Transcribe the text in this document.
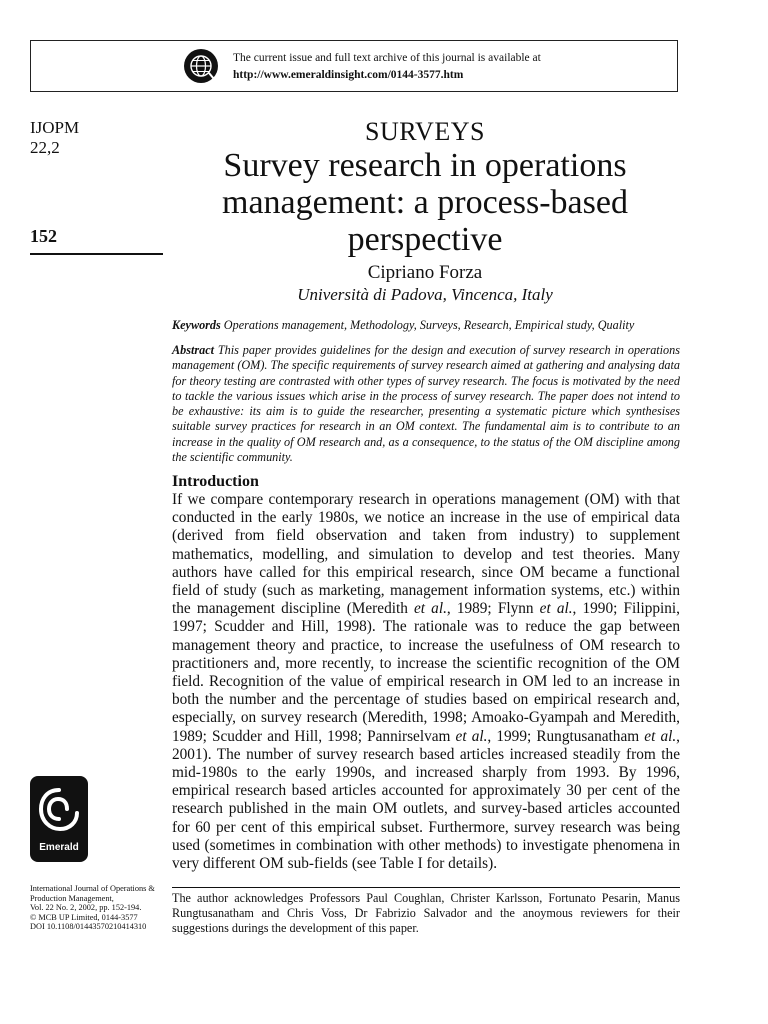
The current issue and full text archive of this journal is available at
http://www.emeraldinsight.com/0144-3577.htm
IJOPM
22,2
152
SURVEYS
Survey research in operations
management: a process-based
perspective
Cipriano Forza
Università di Padova, Vincenca, Italy
Keywords Operations management, Methodology, Surveys, Research, Empirical study, Quality

Abstract This paper provides guidelines for the design and execution of survey research in operations management (OM). The specific requirements of survey research aimed at gathering and analysing data for theory testing are contrasted with other types of survey research. The focus is motivated by the need to tackle the various issues which arise in the process of survey research. The paper does not intend to be exhaustive: its aim is to guide the researcher, presenting a systematic picture which synthesises suitable survey practices for research in an OM context. The fundamental aim is to contribute to an increase in the quality of OM research and, as a consequence, to the status of the OM discipline among the scientific community.

Introduction

If we compare contemporary research in operations management (OM) with that conducted in the early 1980s, we notice an increase in the use of empirical data (derived from field observation and taken from industry) to supplement mathematics, modelling, and simulation to develop and test theories. Many authors have called for this empirical research, since OM became a functional field of study (such as marketing, management information systems, etc.) within the management discipline (Meredith et al., 1989; Flynn et al., 1990; Filippini, 1997; Scudder and Hill, 1998). The rationale was to reduce the gap between management theory and practice, to increase the usefulness of OM research to practitioners and, more recently, to increase the scientific recognition of the OM field. Recognition of the value of empirical research in OM led to an increase in both the number and the percentage of studies based on empirical research and, especially, on survey research (Meredith, 1998; Amoako-Gyampah and Meredith, 1989; Scudder and Hill, 1998; Pannirselvam et al., 1999; Rungtusanatham et al., 2001). The number of survey research based articles increased steadily from the mid-1980s to the early 1990s, and increased sharply from 1993. By 1996, empirical research based articles accounted for approximately 30 per cent of the research published in the main OM outlets, and survey-based articles accounted for 60 per cent of this empirical subset. Furthermore, survey research was being used (sometimes in combination with other methods) to investigate phenomena in very different OM sub-fields (see Table I for details).

Emerald
International Journal of Operations &
Production Management,
Vol. 22 No. 2, 2002, pp. 152-194.
© MCB UP Limited, 0144-3577
DOI 10.1108/01443570210414310

The author acknowledges Professors Paul Coughlan, Christer Karlsson, Fortunato Pesarin, Manus Rungtusanatham and Chris Voss, Dr Fabrizio Salvador and the anoymous reviewers for their suggestions durings the development of this paper.
